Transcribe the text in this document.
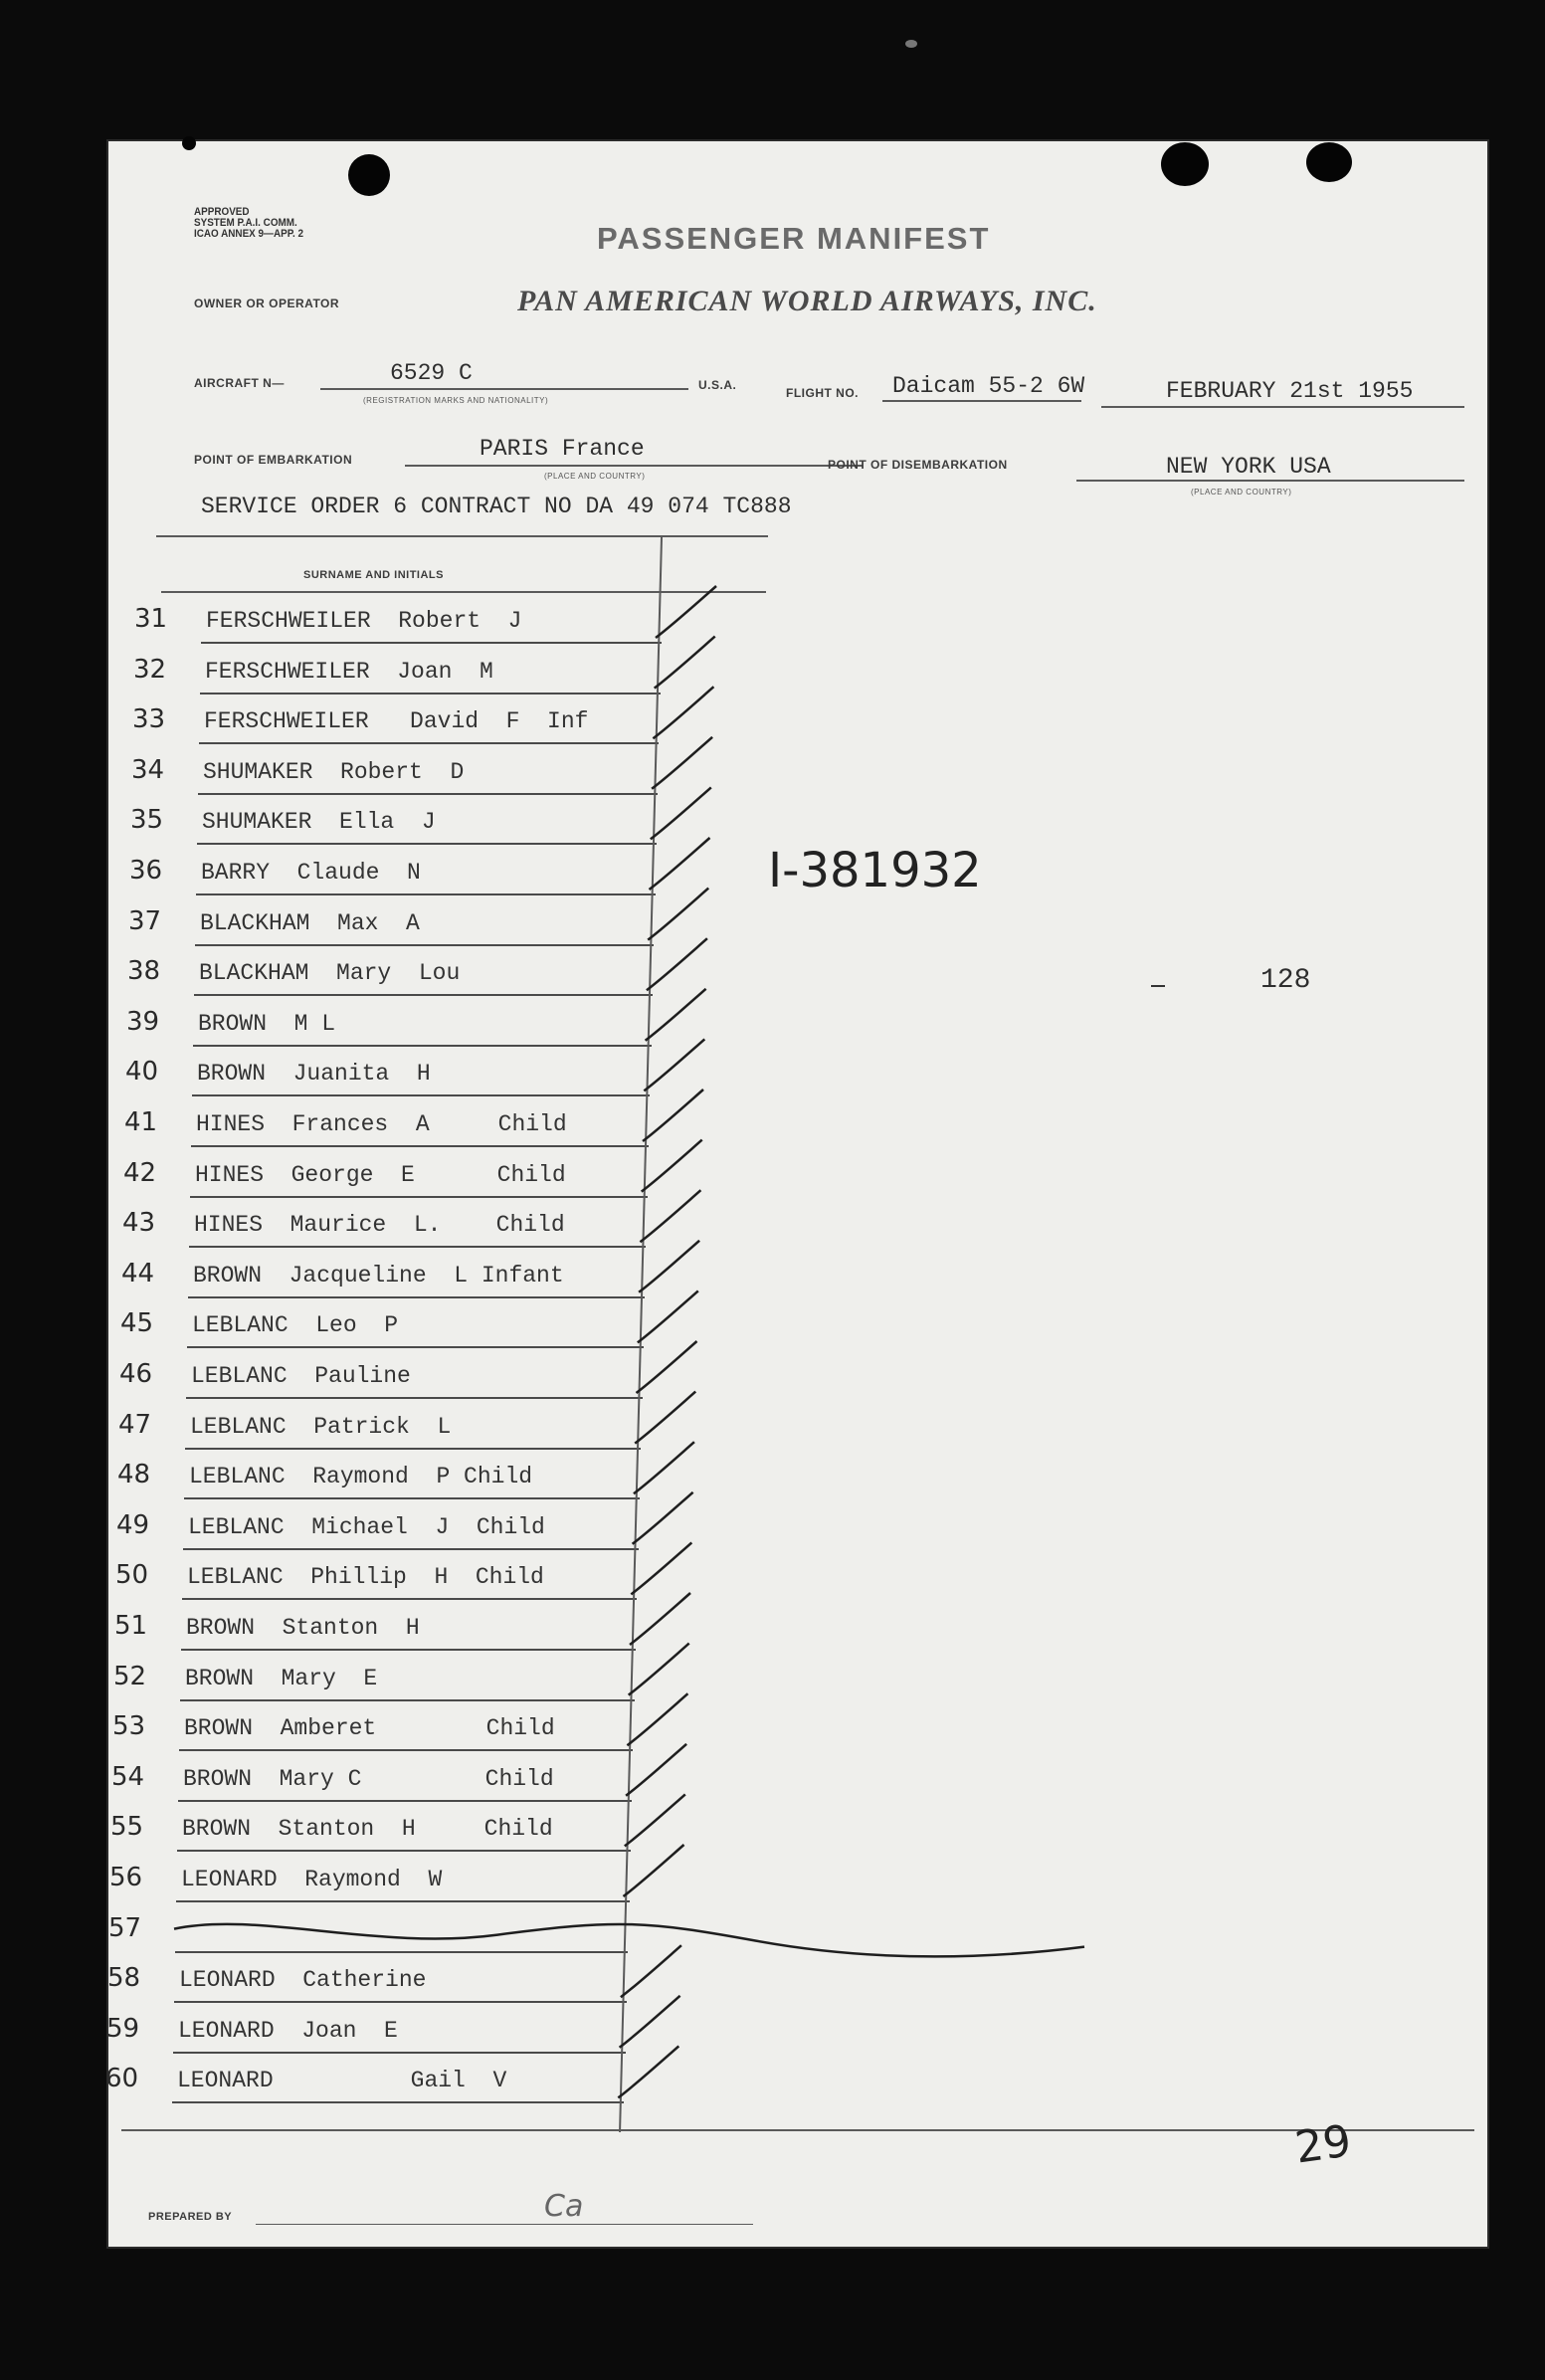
APPROVED
SYSTEM P.A.I. COMM.
ICAO ANNEX 9—APP. 2	PASSENGER MANIFEST
OWNER OR OPERATOR	PAN AMERICAN WORLD AIRWAYS, INC.
AIRCRAFT N—	6529 C
(REGISTRATION MARKS AND NATIONALITY)
U.S.A.
FLIGHT NO. Daicam 55-2 6W	FEBRUARY 21st 1955
POINT OF EMBARKATION	PARIS France
(PLACE AND COUNTRY)
POINT OF DISEMBARKATION	NEW YORK USA
(PLACE AND COUNTRY)
SERVICE ORDER 6 CONTRACT NO DA 49 074 TC888
SURNAME AND INITIALS
31 FERSCHWEILER  Robert  J
32 FERSCHWEILER  Joan  M
33 FERSCHWEILER   David  F  Inf
34 SHUMAKER  Robert  D
35 SHUMAKER  Ella  J
36 BARRY  Claude  N
37 BLACKHAM  Max  A
38 BLACKHAM  Mary  Lou
39 BROWN  M L
40 BROWN  Juanita  H
41 HINES  Frances  A     Child
42 HINES  George  E      Child
43 HINES  Maurice  L.    Child
44 BROWN  Jacqueline  L Infant
45 LEBLANC  Leo  P
46 LEBLANC  Pauline
47 LEBLANC  Patrick  L
48 LEBLANC  Raymond  P Child
49 LEBLANC  Michael  J  Child
50 LEBLANC  Phillip  H  Child
51 BROWN  Stanton  H
52 BROWN  Mary  E
53 BROWN  Amberet        Child
54 BROWN  Mary C         Child
55 BROWN  Stanton  H     Child
56 LEONARD  Raymond  W
57
58 LEONARD  Catherine
59 LEONARD  Joan  E
60 LEONARD          Gail  V
I-381932
128
29
PREPARED BY	Ca
